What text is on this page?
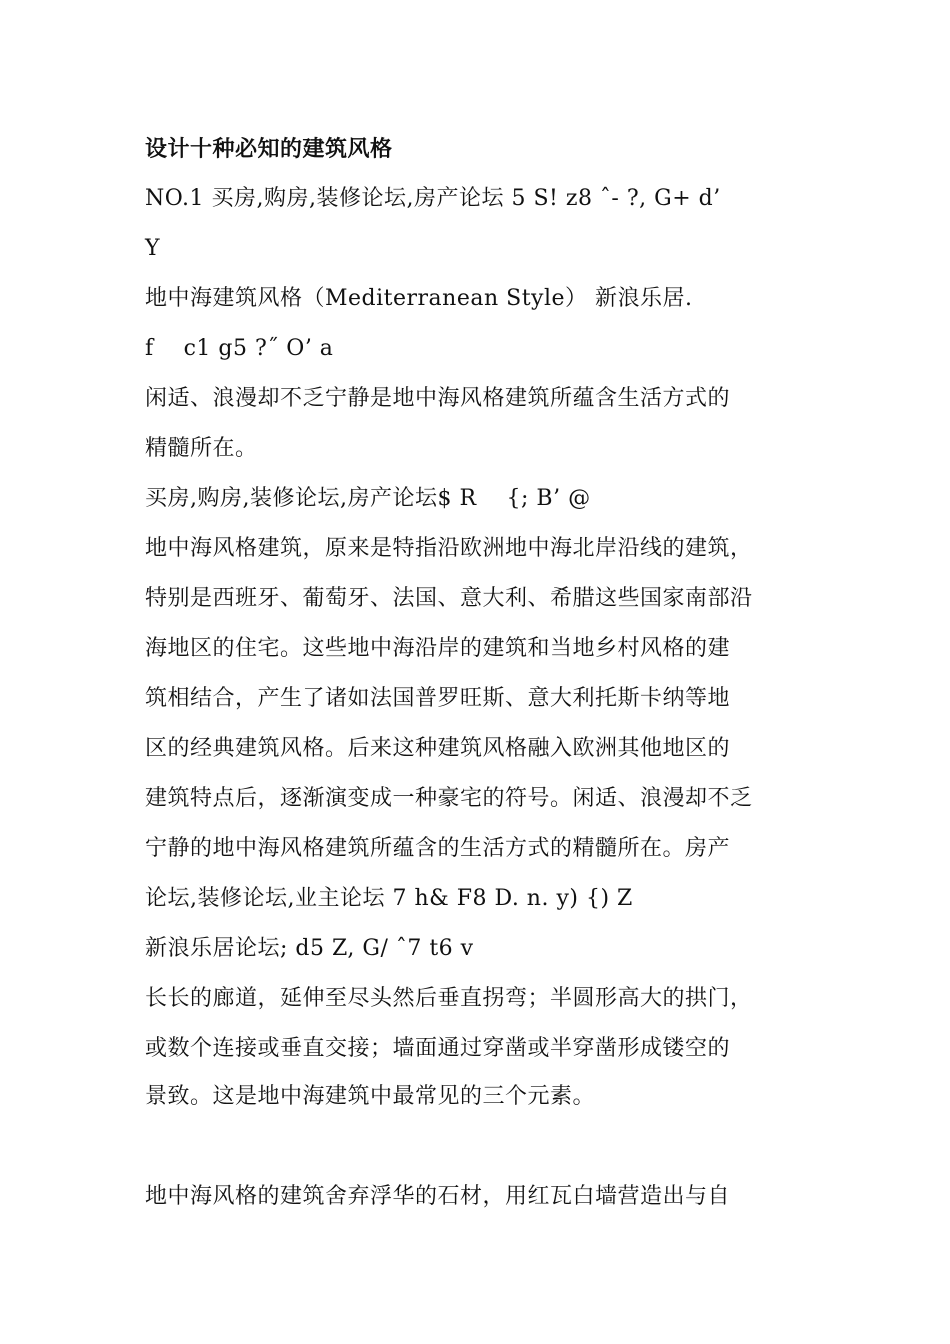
设计十种必知的建筑风格
NO.1 买房,购房,装修论坛,房产论坛 5 S! z8 ˆ- ?, G+ d’
Y
地中海建筑风格（Mediterranean Style） 新浪乐居.
f    c1 g5 ?˝ O’ a
闲适、浪漫却不乏宁静是地中海风格建筑所蕴含生活方式的
精髓所在。
买房,购房,装修论坛,房产论坛$ R    {; B’ @
地中海风格建筑，原来是特指沿欧洲地中海北岸沿线的建筑，
特别是西班牙、葡萄牙、法国、意大利、希腊这些国家南部沿
海地区的住宅。这些地中海沿岸的建筑和当地乡村风格的建
筑相结合，产生了诸如法国普罗旺斯、意大利托斯卡纳等地
区的经典建筑风格。后来这种建筑风格融入欧洲其他地区的
建筑特点后，逐渐演变成一种豪宅的符号。闲适、浪漫却不乏
宁静的地中海风格建筑所蕴含的生活方式的精髓所在。房产
论坛,装修论坛,业主论坛 7 h& F8 D. n. y) {) Z
新浪乐居论坛; d5 Z, G/ ˆ7 t6 v
长长的廊道，延伸至尽头然后垂直拐弯；半圆形高大的拱门，
或数个连接或垂直交接；墙面通过穿凿或半穿凿形成镂空的
景致。这是地中海建筑中最常见的三个元素。
地中海风格的建筑舍弃浮华的石材，用红瓦白墙营造出与自
